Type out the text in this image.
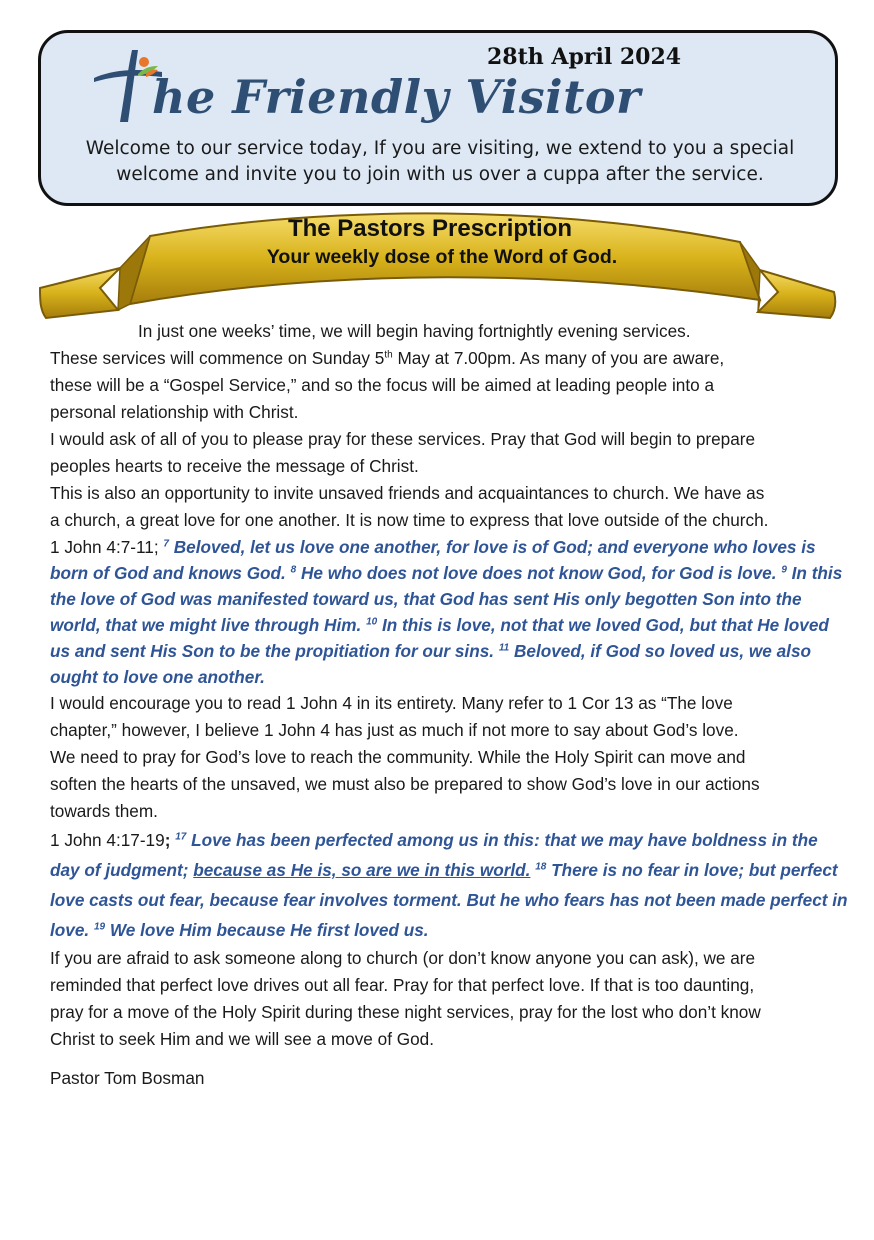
28th April 2024
he Friendly Visitor
Welcome to our service today, If you are visiting, we extend to you a special
welcome and invite you to join with us over a cuppa after the service.
The Pastors Prescription
Your weekly dose of the Word of God.

In just one weeks’ time, we will begin having fortnightly evening services.
These services will commence on Sunday 5th May at 7.00pm. As many of you are aware,
these will be a “Gospel Service,” and so the focus will be aimed at leading people into a
personal relationship with Christ.

I would ask of all of you to please pray for these services. Pray that God will begin to prepare
peoples hearts to receive the message of Christ.

This is also an opportunity to invite unsaved friends and acquaintances to church. We have as
a church, a great love for one another. It is now time to express that love outside of the church.

1 John 4:7-11; $^7$ Beloved, let us love one another, for love is of God; and everyone who loves is born of God and knows God. $^8$ He who does not love does not know God, for God is love. $^9$ In this the love of God was manifested toward us, that God has sent His only begotten Son into the world, that we might live through Him. $^{10}$ In this is love, not that we loved God, but that He loved us and sent His Son to be the propitiation for our sins. $^{11}$ Beloved, if God so loved us, we also ought to love one another.

I would encourage you to read 1 John 4 in its entirety. Many refer to 1 Cor 13 as “The love
chapter,” however, I believe 1 John 4 has just as much if not more to say about God’s love.
We need to pray for God’s love to reach the community. While the Holy Spirit can move and
soften the hearts of the unsaved, we must also be prepared to show God’s love in our actions
towards them.

1 John 4:17-19; $^{17}$ Love has been perfected among us in this: that we may have boldness in the day of judgment; because as He is, so are we in this world. $^{18}$ There is no fear in love; but perfect love casts out fear, because fear involves torment. But he who fears has not been made perfect in love. $^{19}$ We love Him because He first loved us.

If you are afraid to ask someone along to church (or don’t know anyone you can ask), we are
reminded that perfect love drives out all fear. Pray for that perfect love. If that is too daunting,
pray for a move of the Holy Spirit during these night services, pray for the lost who don’t know
Christ to seek Him and we will see a move of God.

Pastor Tom Bosman
